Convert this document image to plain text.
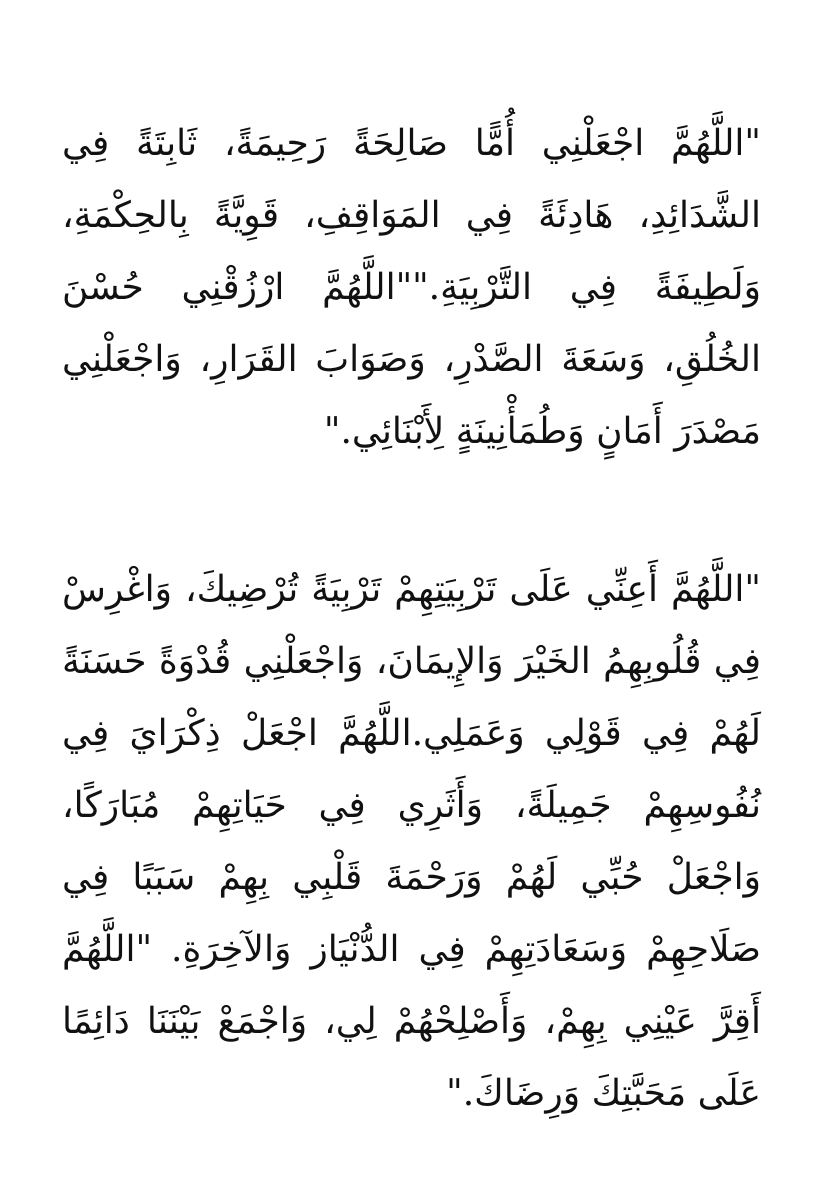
"اللَّهُمَّ اجْعَلْنِي أُمًّا صَالِحَةً رَحِيمَةً، ثَابِتَةً فِي الشَّدَائِدِ، هَادِئَةً فِي المَوَاقِفِ، قَوِيَّةً بِالحِكْمَةِ، وَلَطِيفَةً فِي التَّرْبِيَةِ.""اللَّهُمَّ ارْزُقْنِي حُسْنَ الخُلُقِ، وَسَعَةَ الصَّدْرِ، وَصَوَابَ القَرَارِ، وَاجْعَلْنِي مَصْدَرَ أَمَانٍ وَطُمَأْنِينَةٍ لِأَبْنَائِي."

"اللَّهُمَّ أَعِنِّي عَلَى تَرْبِيَتِهِمْ تَرْبِيَةً تُرْضِيكَ، وَاغْرِسْ فِي قُلُوبِهِمُ الخَيْرَ وَالإِيمَانَ، وَاجْعَلْنِي قُدْوَةً حَسَنَةً لَهُمْ فِي قَوْلِي وَعَمَلِي.اللَّهُمَّ اجْعَلْ ذِكْرَايَ فِي نُفُوسِهِمْ جَمِيلَةً، وَأَثَرِي فِي حَيَاتِهِمْ مُبَارَكًا، وَاجْعَلْ حُبِّي لَهُمْ وَرَحْمَةَ قَلْبِي بِهِمْ سَبَبًا فِي صَلَاحِهِمْ وَسَعَادَتِهِمْ فِي الدُّنْيَاز وَالآخِرَةِ. "اللَّهُمَّ أَقِرَّ عَيْنِي بِهِمْ، وَأَصْلِحْهُمْ لِي، وَاجْمَعْ بَيْنَنَا دَائِمًا عَلَى مَحَبَّتِكَ وَرِضَاكَ."
